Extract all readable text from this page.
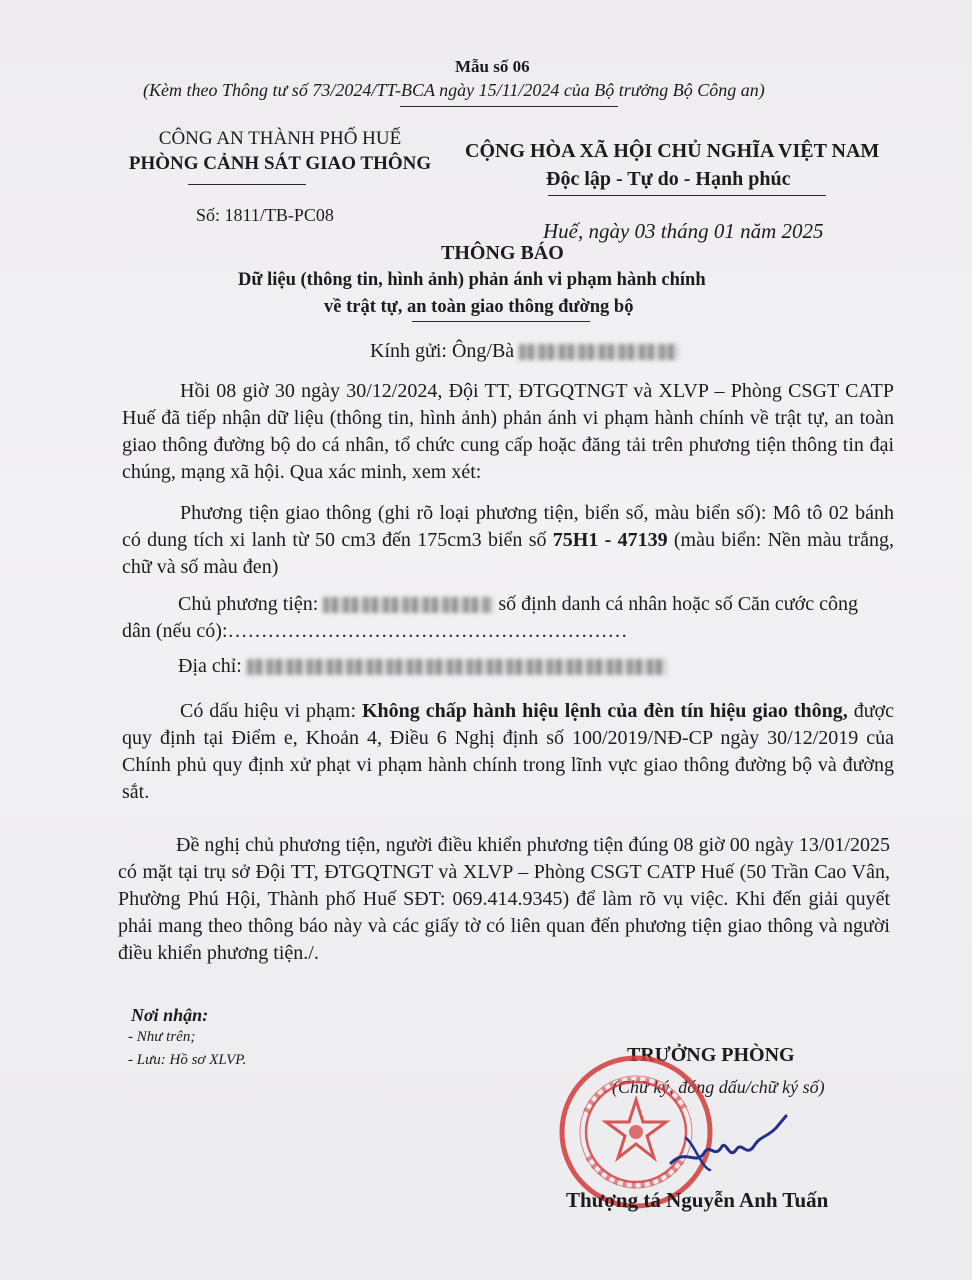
Mẫu số 06
(Kèm theo Thông tư số 73/2024/TT-BCA ngày 15/11/2024 của Bộ trưởng Bộ Công an)
CÔNG AN THÀNH PHỐ HUẾ
PHÒNG CẢNH SÁT GIAO THÔNG
CỘNG HÒA XÃ HỘI CHỦ NGHĨA VIỆT NAM
Độc lập - Tự do - Hạnh phúc
Số: 1811/TB-PC08
Huế, ngày 03 tháng 01 năm 2025
THÔNG BÁO
Dữ liệu (thông tin, hình ảnh) phản ánh vi phạm hành chính
về trật tự, an toàn giao thông đường bộ
Kính gửi: Ông/Bà
Hồi 08 giờ 30 ngày 30/12/2024, Đội TT, ĐTGQTNGT và XLVP – Phòng CSGT CATP Huế đã tiếp nhận dữ liệu (thông tin, hình ảnh) phản ánh vi phạm hành chính về trật tự, an toàn giao thông đường bộ do cá nhân, tổ chức cung cấp hoặc đăng tải trên phương tiện thông tin đại chúng, mạng xã hội. Qua xác minh, xem xét:
Phương tiện giao thông (ghi rõ loại phương tiện, biển số, màu biển số): Mô tô 02 bánh có dung tích xi lanh từ 50 cm3 đến 175cm3 biển số 75H1 - 47139 (màu biển: Nền màu trắng, chữ và số màu đen)
Chủ phương tiện:	số định danh cá nhân hoặc số Căn cước công
dân (nếu có):……………………………………………………
Địa chỉ:
Có dấu hiệu vi phạm: Không chấp hành hiệu lệnh của đèn tín hiệu giao thông, được quy định tại Điểm e, Khoản 4, Điều 6 Nghị định số 100/2019/NĐ-CP ngày 30/12/2019 của Chính phủ quy định xử phạt vi phạm hành chính trong lĩnh vực giao thông đường bộ và đường sắt.
Đề nghị chủ phương tiện, người điều khiển phương tiện đúng 08 giờ 00 ngày 13/01/2025 có mặt tại trụ sở Đội TT, ĐTGQTNGT và XLVP – Phòng CSGT CATP Huế (50 Trần Cao Vân, Phường Phú Hội, Thành phố Huế SĐT: 069.414.9345) để làm rõ vụ việc. Khi đến giải quyết phải mang theo thông báo này và các giấy tờ có liên quan đến phương tiện giao thông và người điều khiển phương tiện./.
Nơi nhận:
- Như trên;
- Lưu: Hồ sơ XLVP.	TRƯỞNG PHÒNG
(Chữ ký, đóng dấu/chữ ký số)
Thượng tá Nguyễn Anh Tuấn
